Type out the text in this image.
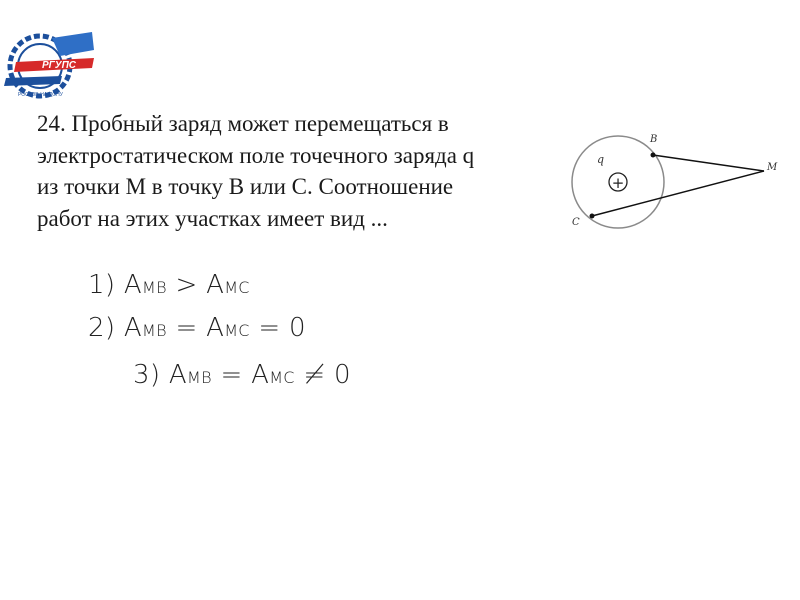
РГУПС
РОСТОВ-НА-ДОНУ
24. Пробный заряд может перемещаться в
электростатическом поле точечного заряда q
из точки М в точку В или С. Соотношение
работ на этих участках имеет вид ...
+
q
B
M
C
1) AMB > AMC
2) AMB = AMC = 0
3) AMB = AMC ≠ 0
